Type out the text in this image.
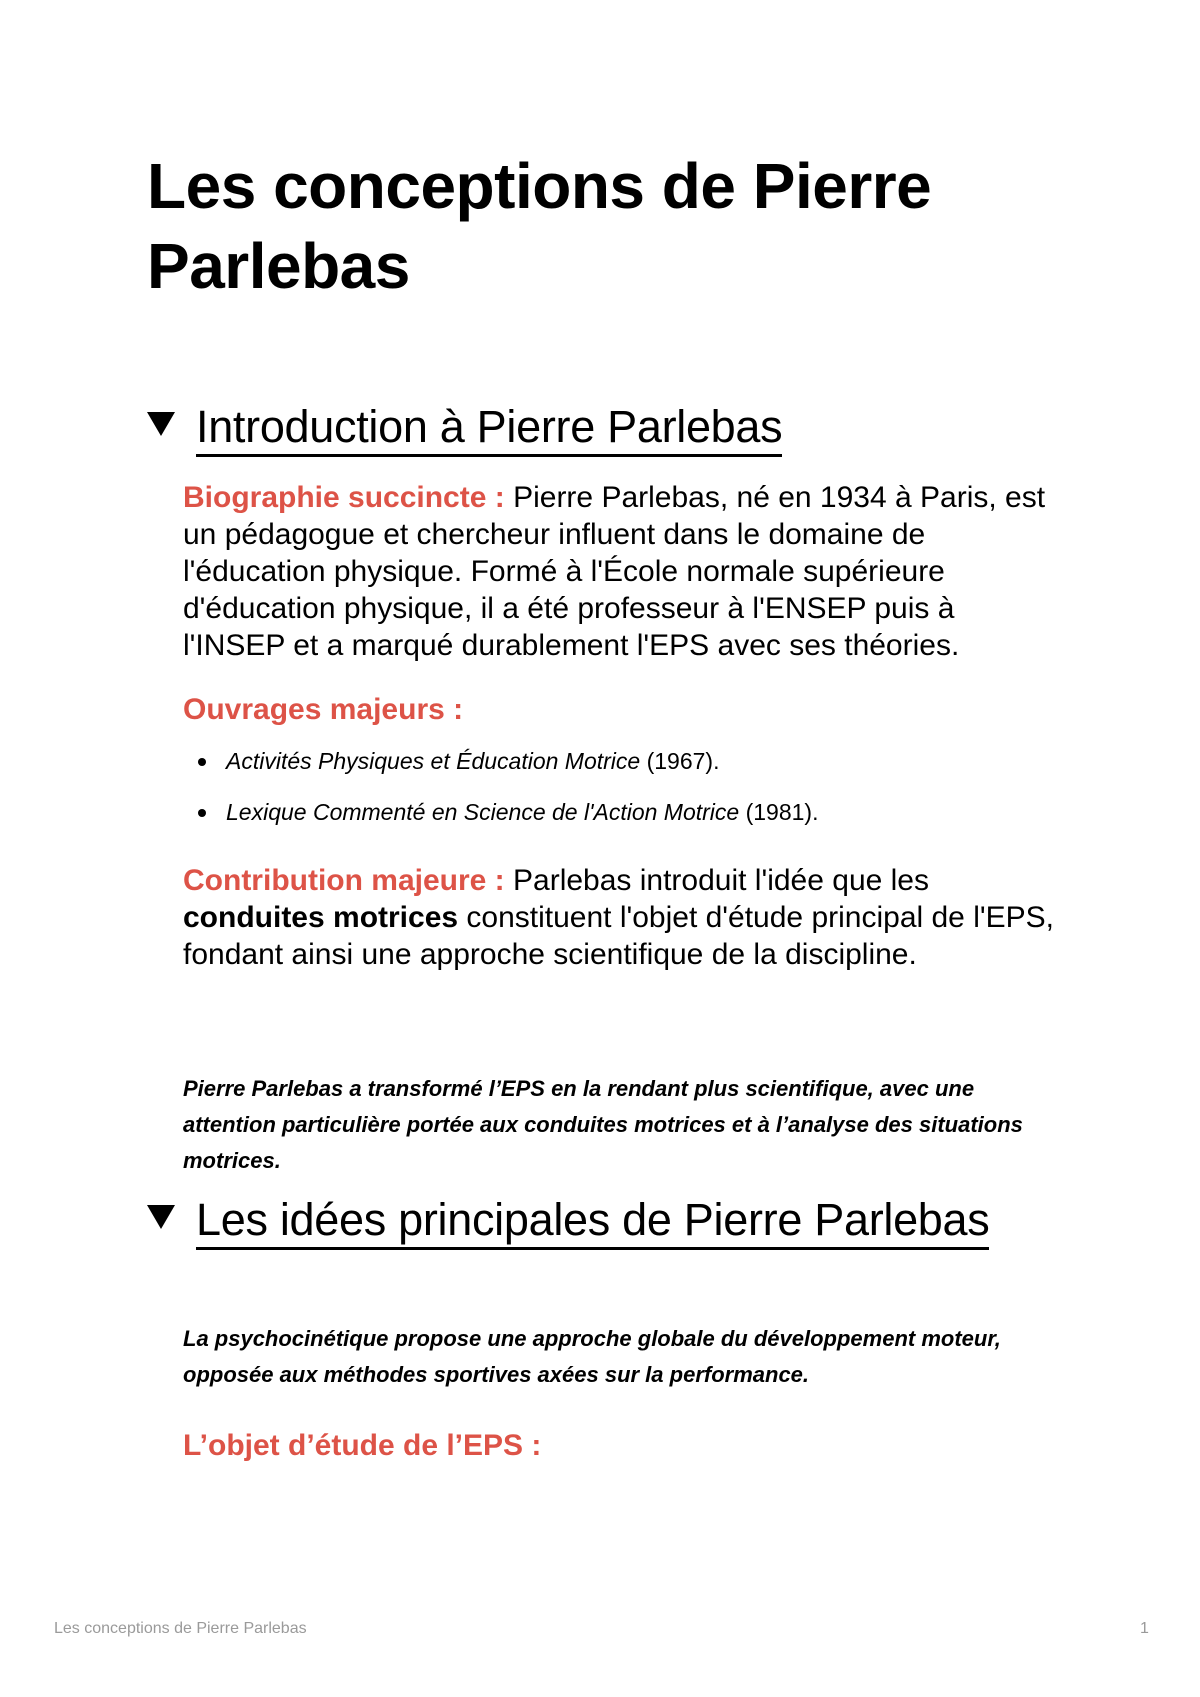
Les conceptions de Pierre Parlebas
Introduction à Pierre Parlebas

Biographie succincte : Pierre Parlebas, né en 1934 à Paris, est un pédagogue et chercheur influent dans le domaine de l'éducation physique. Formé à l'École normale supérieure d'éducation physique, il a été professeur à l'ENSEP puis à l'INSEP et a marqué durablement l'EPS avec ses théories.

Ouvrages majeurs :

Activités Physiques et Éducation Motrice (1967).
Lexique Commenté en Science de l'Action Motrice (1981).

Contribution majeure : Parlebas introduit l'idée que les conduites motrices constituent l'objet d'étude principal de l'EPS, fondant ainsi une approche scientifique de la discipline.

Pierre Parlebas a transformé l’EPS en la rendant plus scientifique, avec une attention particulière portée aux conduites motrices et à l’analyse des situations motrices.

Les idées principales de Pierre Parlebas

La psychocinétique propose une approche globale du développement moteur, opposée aux méthodes sportives axées sur la performance.

L’objet d’étude de l’EPS :

Les conceptions de Pierre Parlebas	1
